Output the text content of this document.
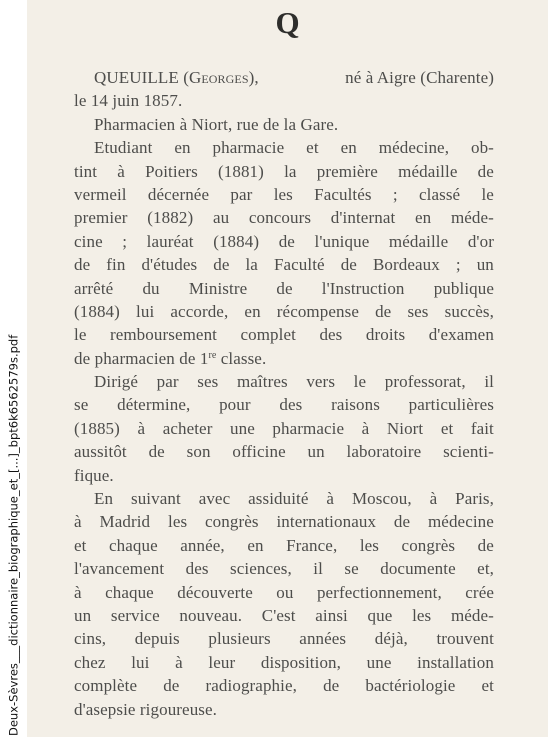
Deux-Sèvres___dictionnaire_biographique_et_[...]_bpt6k6562579s.pdf
Q
QUEUILLE (Georges),	né à Aigre (Charente)
le 14 juin 1857.
Pharmacien à Niort, rue de la Gare.
Etudiant en pharmacie et en médecine, ob-
tint à Poitiers (1881) la première médaille de
vermeil décernée par les Facultés ; classé le
premier (1882) au concours d'internat en méde-
cine ; lauréat (1884) de l'unique médaille d'or
de fin d'études de la Faculté de Bordeaux ; un
arrêté du Ministre de l'Instruction publique
(1884) lui accorde, en récompense de ses succès,
le remboursement complet des droits d'examen
de pharmacien de 1re classe.
Dirigé par ses maîtres vers le professorat, il
se détermine, pour des raisons particulières
(1885) à acheter une pharmacie à Niort et fait
aussitôt de son officine un laboratoire scienti-
fique.
En suivant avec assiduité à Moscou, à Paris,
à Madrid les congrès internationaux de médecine
et chaque année, en France, les congrès de
l'avancement des sciences, il se documente et,
à chaque découverte ou perfectionnement, crée
un service nouveau. C'est ainsi que les méde-
cins, depuis plusieurs années déjà, trouvent
chez lui à leur disposition, une installation
complète de radiographie, de bactériologie et
d'asepsie rigoureuse.
